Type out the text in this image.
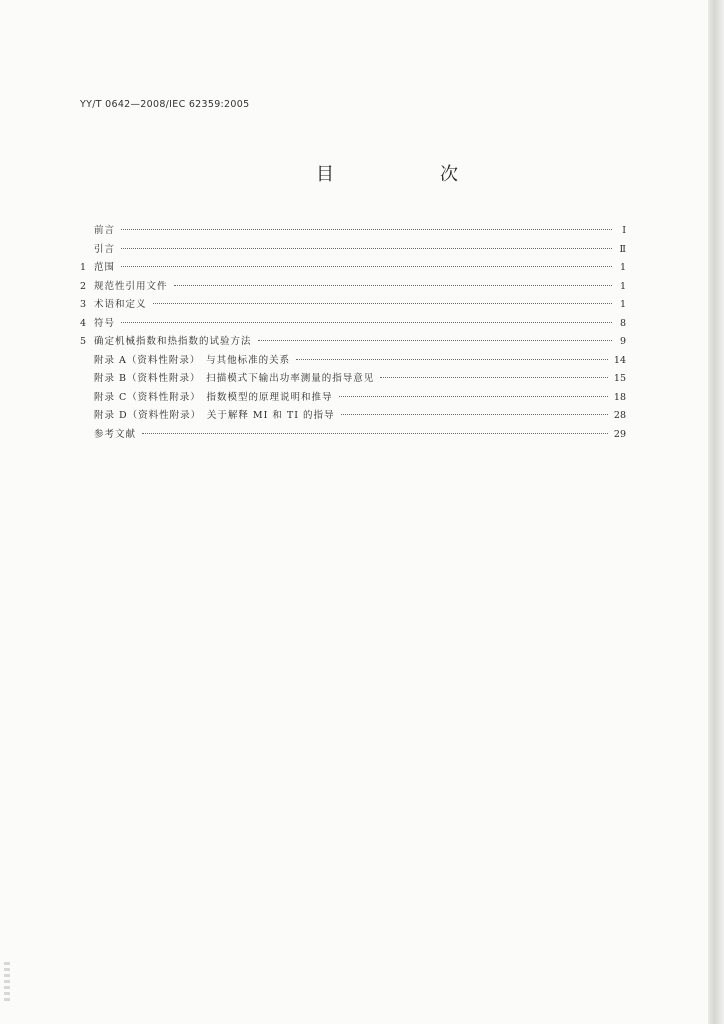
YY/T 0642—2008/IEC 62359:2005
目　次
前言	I
引言	Ⅱ
1 范围	1
2 规范性引用文件	1
3 术语和定义	1
4 符号	8
5 确定机械指数和热指数的试验方法	9
附录 A（资料性附录）　与其他标准的关系	14
附录 B（资料性附录）　扫描模式下输出功率测量的指导意见	15
附录 C（资料性附录）　指数模型的原理说明和推导	18
附录 D（资料性附录）　关于解释 MI 和 TI 的指导	28
参考文献	29
